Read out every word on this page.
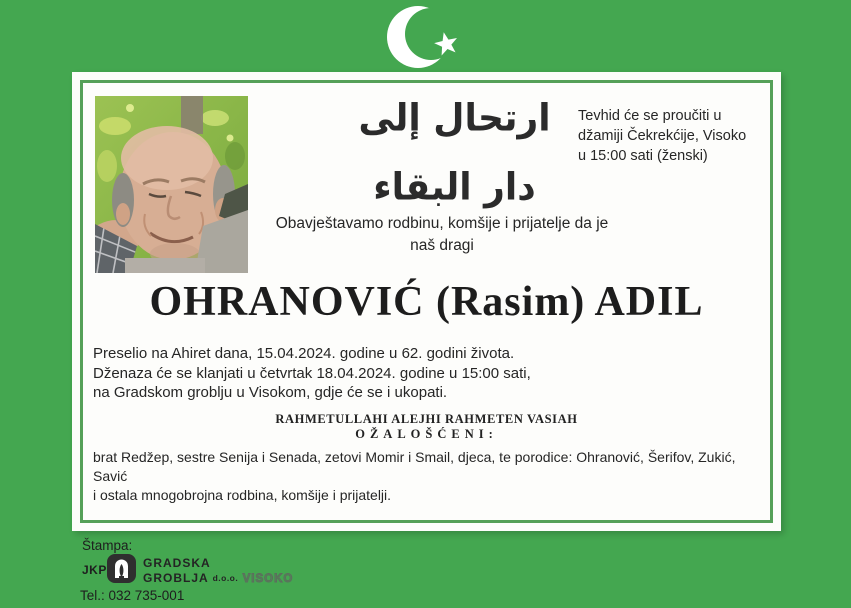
ارتحال إلى دار البقاء
Tevhid će se proučiti u
džamiji Čekrekćije, Visoko
u 15:00 sati (ženski)
Obavještavamo rodbinu, komšije i prijatelje da je
naš dragi
OHRANOVIĆ (Rasim) ADIL
Preselio na Ahiret dana, 15.04.2024. godine u 62. godini života.
Dženaza će se klanjati u četvrtak 18.04.2024. godine u 15:00 sati,
na Gradskom groblju u Visokom, gdje će se i ukopati.
RAHMETULLAHI ALEJHI RAHMETEN VASIAH
OŽALOŠĆENI:
brat Redžep, sestre Senija i Senada, zetovi Momir i Smail, djeca, te porodice: Ohranović, Šerifov, Zukić, Savić
i ostala mnogobrojna rodbina, komšije i prijatelji.
Štampa:
JKP	GRADSKA
GROBLJA d.o.o. VISOKO
Tel.: 032 735-001
